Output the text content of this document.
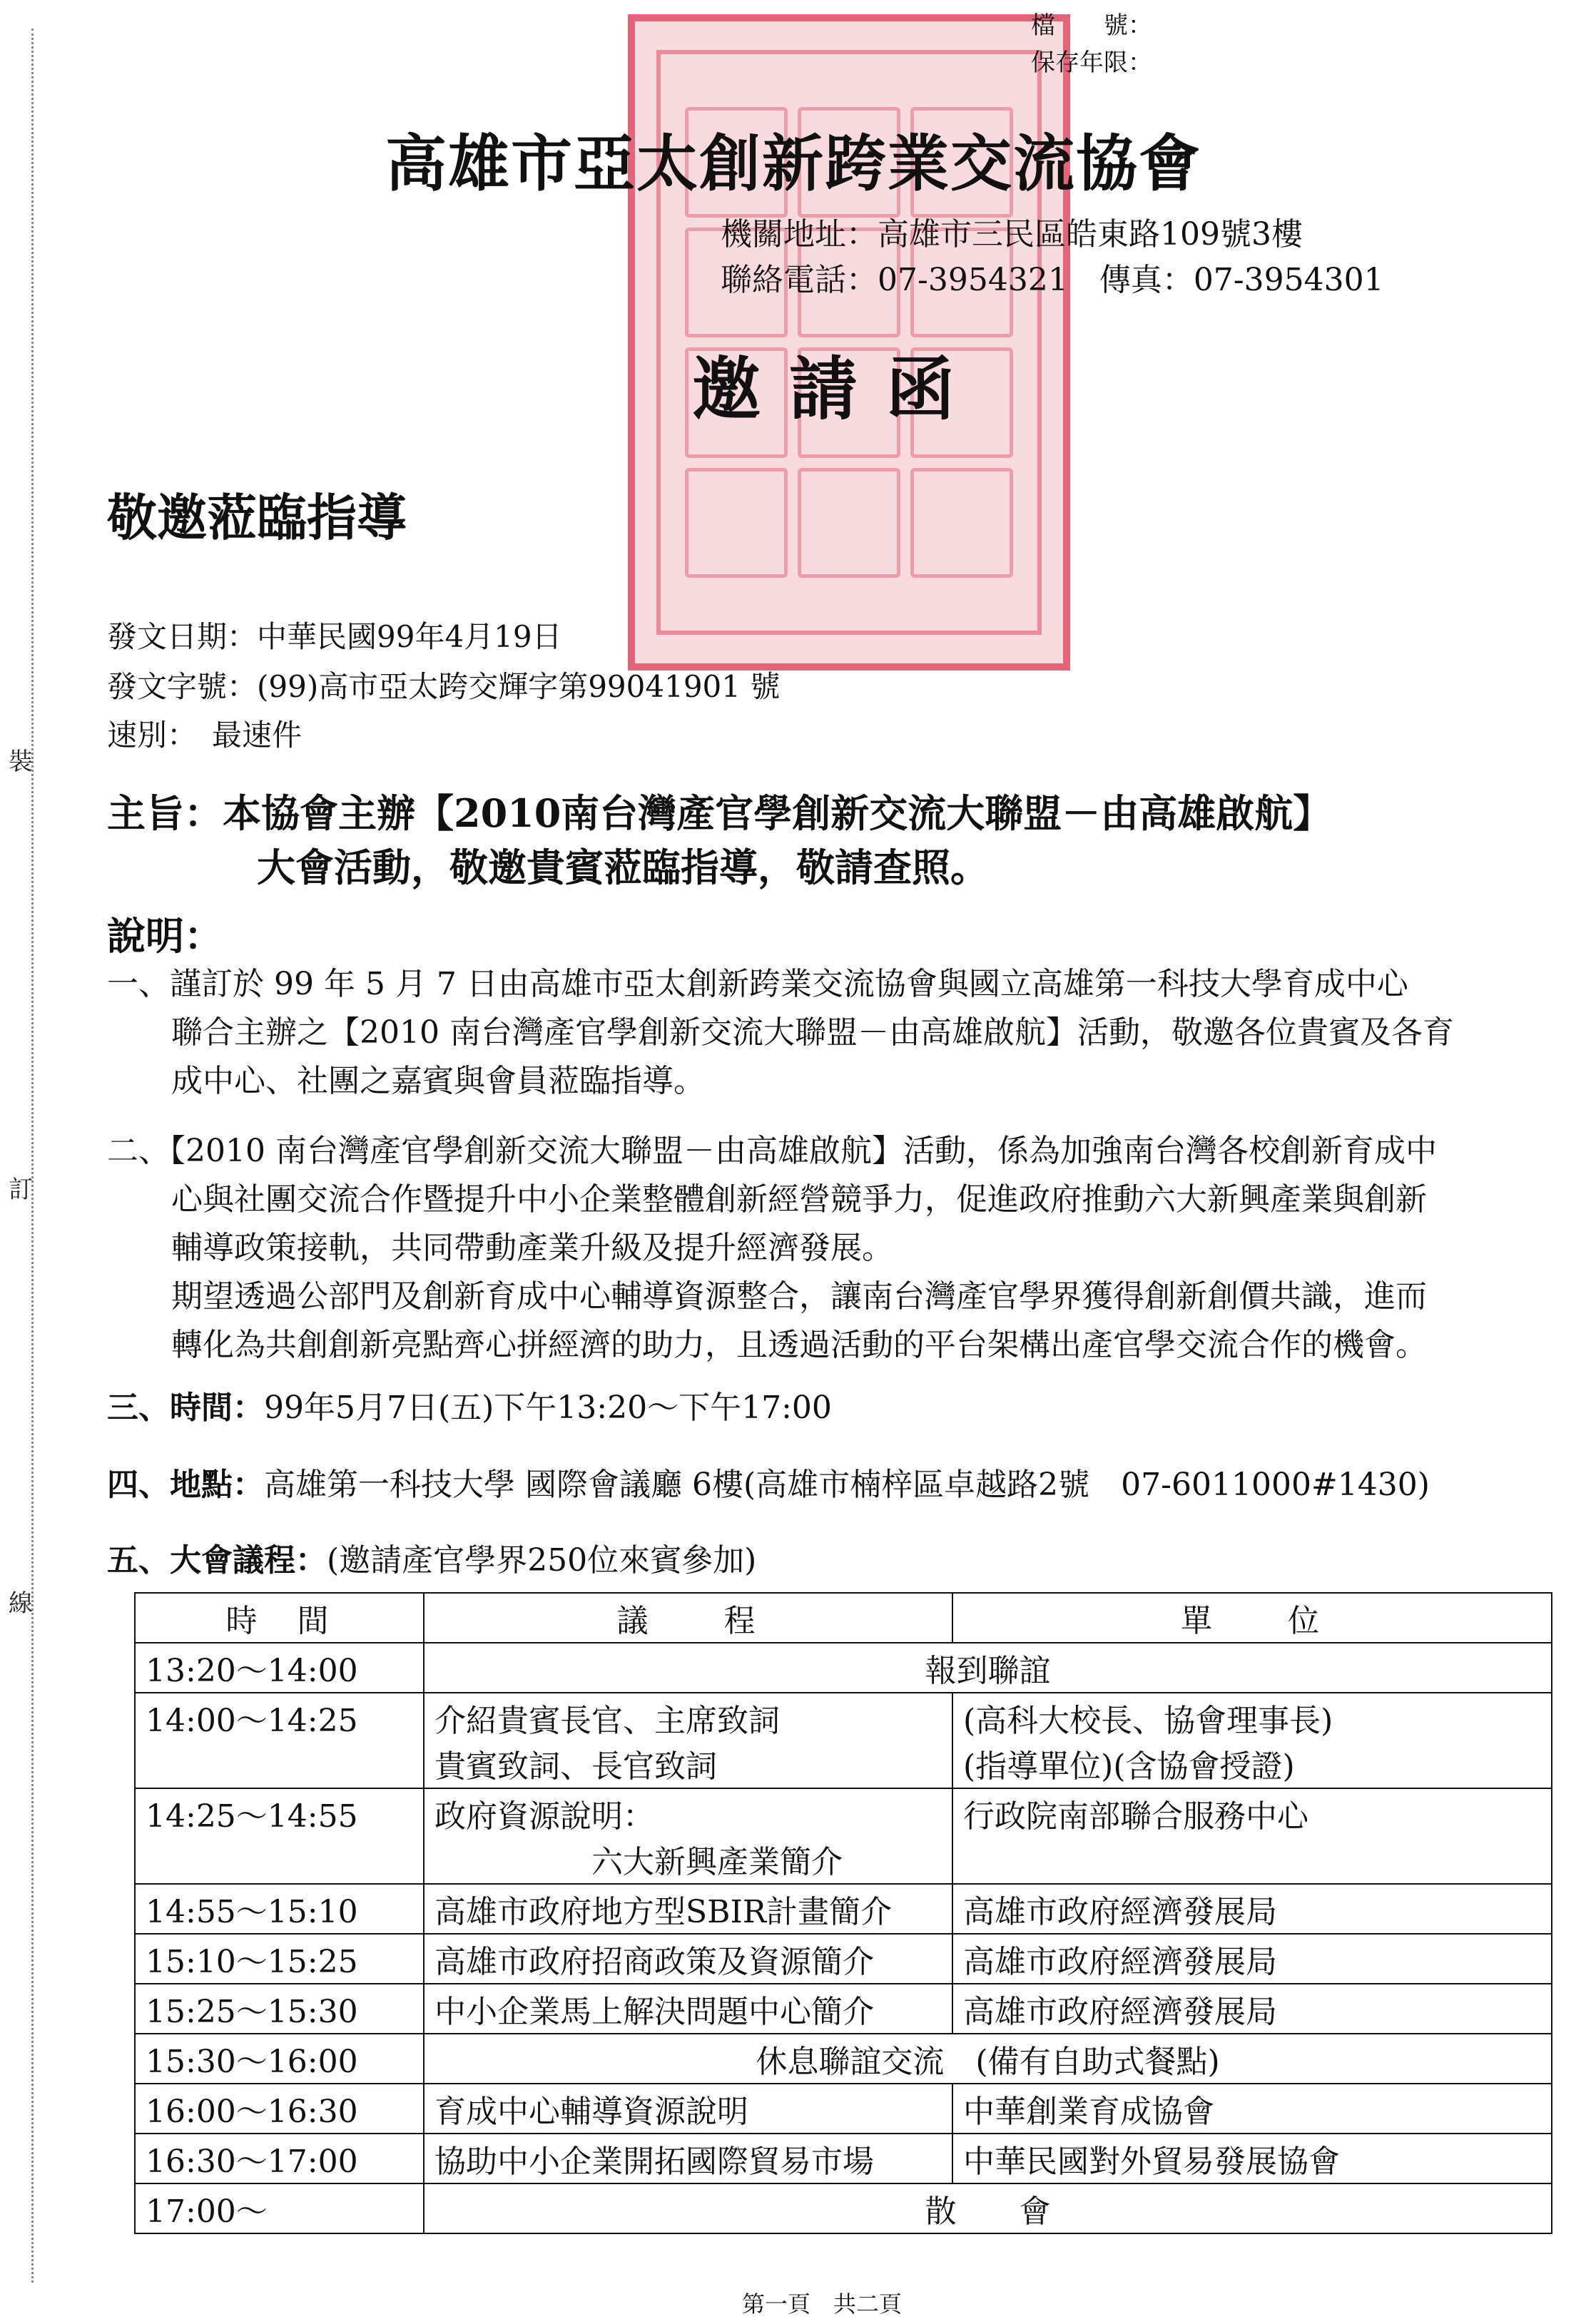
裝
訂
線
檔　　號：
保存年限：
高雄市亞太創新跨業交流協會
機關地址：高雄市三民區皓東路109號3樓
聯絡電話：07-3954321　傳真：07-3954301
邀請函
敬邀蒞臨指導
發文日期：中華民國99年4月19日
發文字號：(99)高市亞太跨交輝字第99041901 號
速別：　最速件
主旨：本協會主辦【2010南台灣產官學創新交流大聯盟－由高雄啟航】
大會活動，敬邀貴賓蒞臨指導，敬請查照。
說明：
一、謹訂於 99 年 5 月 7 日由高雄市亞太創新跨業交流協會與國立高雄第一科技大學育成中心
聯合主辦之【2010 南台灣產官學創新交流大聯盟－由高雄啟航】活動，敬邀各位貴賓及各育
成中心、社團之嘉賓與會員蒞臨指導。
二、【2010 南台灣產官學創新交流大聯盟－由高雄啟航】活動，係為加強南台灣各校創新育成中
心與社團交流合作暨提升中小企業整體創新經營競爭力，促進政府推動六大新興產業與創新
輔導政策接軌，共同帶動產業升級及提升經濟發展。
期望透過公部門及創新育成中心輔導資源整合，讓南台灣產官學界獲得創新創價共識，進而
轉化為共創創新亮點齊心拼經濟的助力，且透過活動的平台架構出產官學交流合作的機會。
三、時間：99年5月7日(五)下午13:20～下午17:00
四、地點：高雄第一科技大學 國際會議廳 6樓(高雄市楠梓區卓越路2號　07-6011000#1430)
五、大會議程：(邀請產官學界250位來賓參加)
時　間	議　　程	單　　位
13:20～14:00	報到聯誼	
14:00～14:25	介紹貴賓長官、主席致詞
貴賓致詞、長官致詞	(高科大校長、協會理事長)
(指導單位)(含協會授證)
14:25～14:55	政府資源說明：
　　　　　六大新興產業簡介	行政院南部聯合服務中心
14:55～15:10	高雄市政府地方型SBIR計畫簡介	高雄市政府經濟發展局
15:10～15:25	高雄市政府招商政策及資源簡介	高雄市政府經濟發展局
15:25～15:30	中小企業馬上解決問題中心簡介	高雄市政府經濟發展局
15:30～16:00	休息聯誼交流　(備有自助式餐點)	
16:00～16:30	育成中心輔導資源說明	中華創業育成協會
16:30～17:00	協助中小企業開拓國際貿易市場	中華民國對外貿易發展協會
17:00～	散　　會	
第一頁　共二頁
